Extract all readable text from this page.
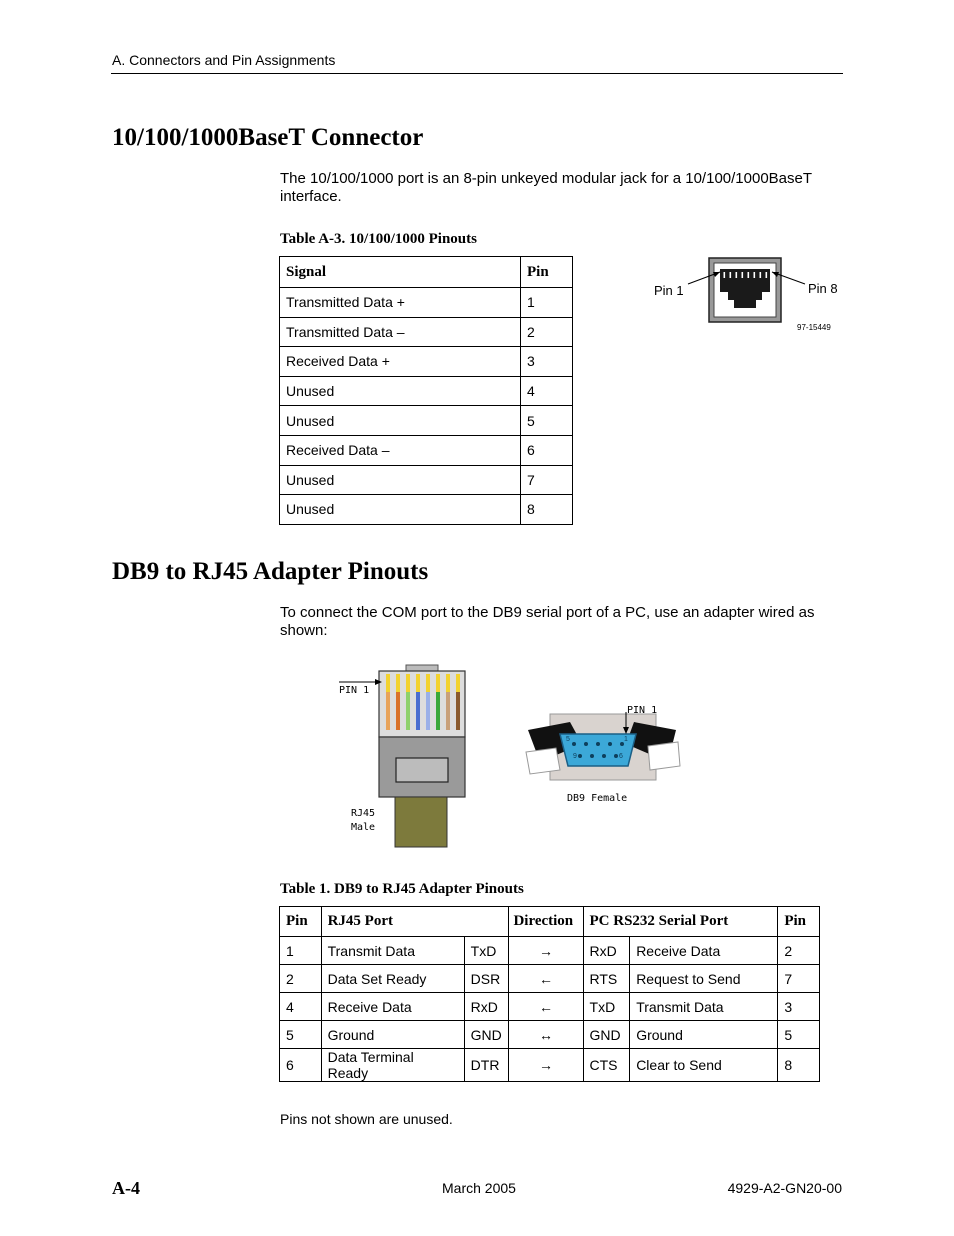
A. Connectors and Pin Assignments
10/100/1000BaseT Connector
The 10/100/1000 port is an 8-pin unkeyed modular jack for a 10/100/1000BaseT interface.
Table A-3. 10/100/1000 Pinouts
Signal	Pin
Transmitted Data +	1
Transmitted Data –	2
Received Data +	3
Unused	4
Unused	5
Received Data –	6
Unused	7
Unused	8
Pin 1	Pin 8
97-15449
DB9 to RJ45 Adapter Pinouts
To connect the COM port to the DB9 serial port of a PC, use an adapter wired as shown:
PIN 1
RJ45
Male
PIN 1
DB9 Female
5
9	6
1
Table 1. DB9 to RJ45 Adapter Pinouts
Pin	RJ45 Port		Direction	PC RS232 Serial Port		Pin
1	Transmit Data	TxD	→	RxD	Receive Data	2
2	Data Set Ready	DSR	←	RTS	Request to Send	7
4	Receive Data	RxD	←	TxD	Transmit Data	3
5	Ground	GND	↔	GND	Ground	5
6	Data Terminal Ready	DTR	→	CTS	Clear to Send	8
Pins not shown are unused.
A-4	March 2005	4929-A2-GN20-00
